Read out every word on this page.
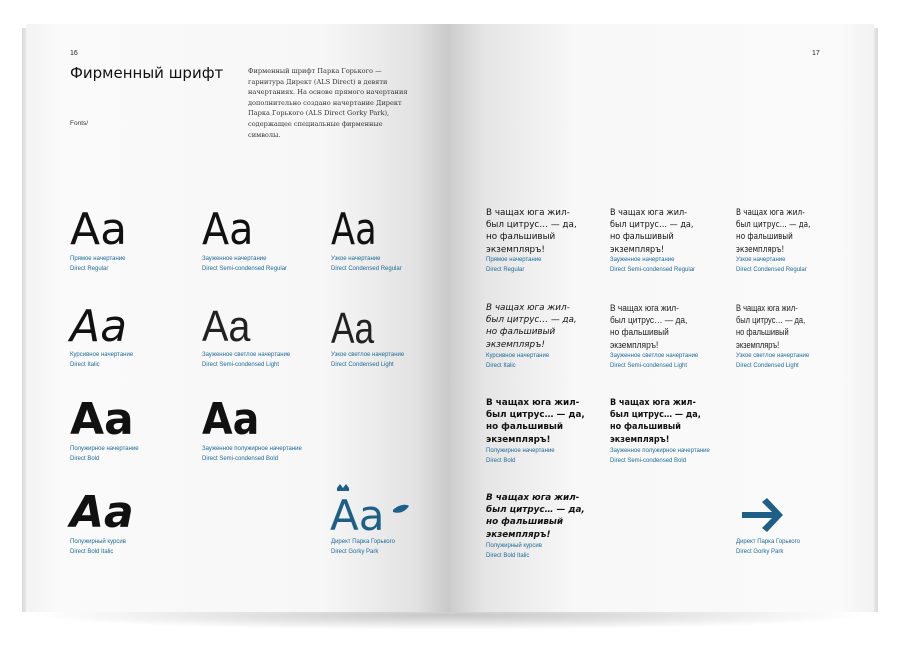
16
Фирменный шрифт	Фирменный шрифт Парка Горького — гарнитура Директ (ALS Direct) в девяти начертаниях. На основе прямого начертания дополнительно создано начертание Директ Парка Горького (ALS Direct Gorky Park), содержащее специальные фирменные символы.
Fonts/
Aa
Прямое начертание
Direct Regular
Aa
Зауженное начертание
Direct Semi-condensed Regular
Aa
Узкое начертание
Direct Condensed Regular
Aa
Курсивное начертание
Direct Italic
Aa
Зауженное светлое начертание
Direct Semi-condensed Light
Aa
Узкое светлое начертание
Direct Condensed Light
Aa
Полужирное начертание
Direct Bold
Aa
Зауженное полужирное начертание
Direct Semi-condensed Bold
Aa
Полужирный курсив
Direct Bold Italic
Aa
Директ Парка Горького
Direct Gorky Park
17
В чащах юга жил-
был цитрус… — да,
но фальшивый
экземпляръ!
Прямое начертание
Direct Regular
В чащах юга жил-
был цитрус… — да,
но фальшивый
экземпляръ!
Зауженное начертание
Direct Semi-condensed Regular
В чащах юга жил-
был цитрус… — да,
но фальшивый
экземпляръ!
Узкое начертание
Direct Condensed Regular
В чащах юга жил-
был цитрус… — да,
но фальшивый
экземпляръ!
Курсивное начертание
Direct Italic
В чащах юга жил-
был цитрус… — да,
но фальшивый
экземпляръ!
Зауженное светлое начертание
Direct Semi-condensed Light
В чащах юга жил-
был цитрус… — да,
но фальшивый
экземпляръ!
Узкое светлое начертание
Direct Condensed Light
В чащах юга жил-
был цитрус… — да,
но фальшивый
экземпляръ!
Полужирное начертание
Direct Bold
В чащах юга жил-
был цитрус… — да,
но фальшивый
экземпляръ!
Зауженное полужирное начертание
Direct Semi-condensed Bold
В чащах юга жил-
был цитрус… — да,
но фальшивый
экземпляръ!
Полужирный курсив
Direct Bold Italic
Директ Парка Горького
Direct Gorky Park
